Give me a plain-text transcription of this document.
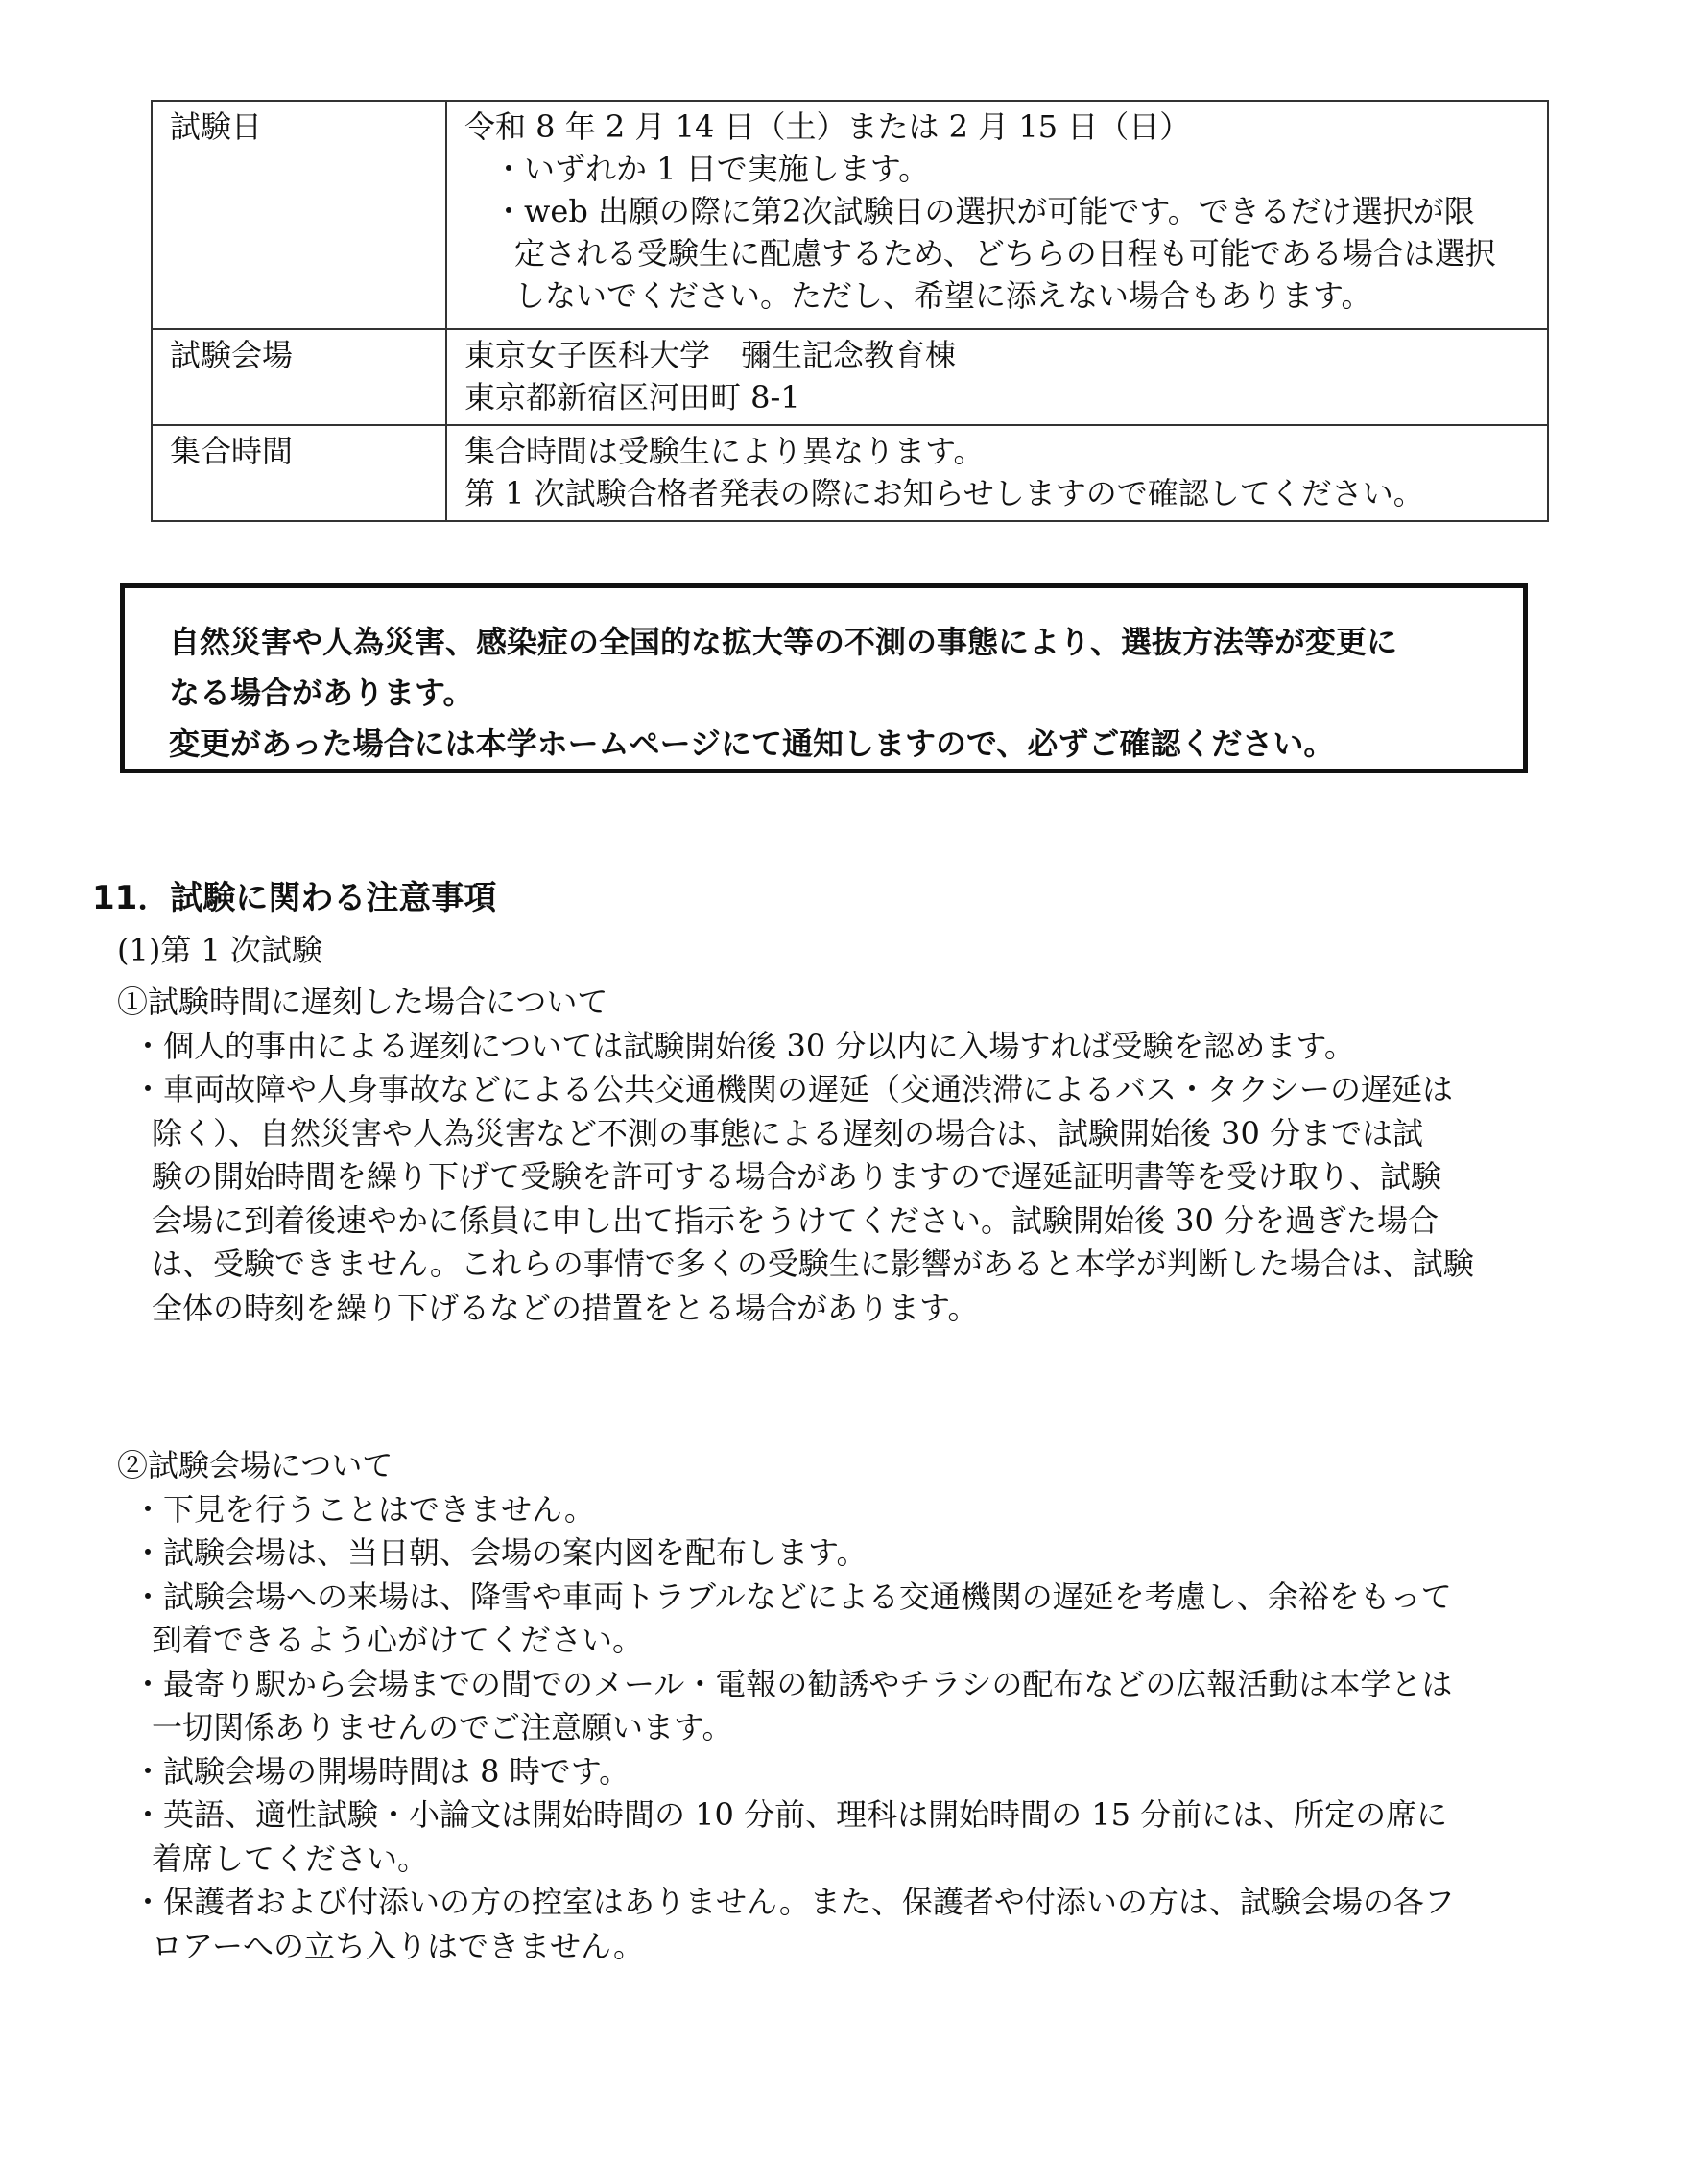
試験日	令和 8 年 2 月 14 日（土）または 2 月 15 日（日）
・いずれか 1 日で実施します。
・web 出願の際に第2次試験日の選択が可能です。できるだけ選択が限
定される受験生に配慮するため、どちらの日程も可能である場合は選択
しないでください。ただし、希望に添えない場合もあります。

試験会場	東京女子医科大学　彌生記念教育棟
東京都新宿区河田町 8-1

集合時間	集合時間は受験生により異なります。
第 1 次試験合格者発表の際にお知らせしますので確認してください。
自然災害や人為災害、感染症の全国的な拡大等の不測の事態により、選抜方法等が変更に
なる場合があります。
変更があった場合には本学ホームページにて通知しますので、必ずご確認ください。
11．試験に関わる注意事項
(1)第 1 次試験
①試験時間に遅刻した場合について
・個人的事由による遅刻については試験開始後 30 分以内に入場すれば受験を認めます。
・車両故障や人身事故などによる公共交通機関の遅延（交通渋滞によるバス・タクシーの遅延は
除く）、自然災害や人為災害など不測の事態による遅刻の場合は、試験開始後 30 分までは試
験の開始時間を繰り下げて受験を許可する場合がありますので遅延証明書等を受け取り、試験
会場に到着後速やかに係員に申し出て指示をうけてください。試験開始後 30 分を過ぎた場合
は、受験できません。これらの事情で多くの受験生に影響があると本学が判断した場合は、試験
全体の時刻を繰り下げるなどの措置をとる場合があります。
②試験会場について
・下見を行うことはできません。
・試験会場は、当日朝、会場の案内図を配布します。
・試験会場への来場は、降雪や車両トラブルなどによる交通機関の遅延を考慮し、余裕をもって
到着できるよう心がけてください。
・最寄り駅から会場までの間でのメール・電報の勧誘やチラシの配布などの広報活動は本学とは
一切関係ありませんのでご注意願います。
・試験会場の開場時間は 8 時です。
・英語、適性試験・小論文は開始時間の 10 分前、理科は開始時間の 15 分前には、所定の席に
着席してください。
・保護者および付添いの方の控室はありません。また、保護者や付添いの方は、試験会場の各フ
ロアーへの立ち入りはできません。
